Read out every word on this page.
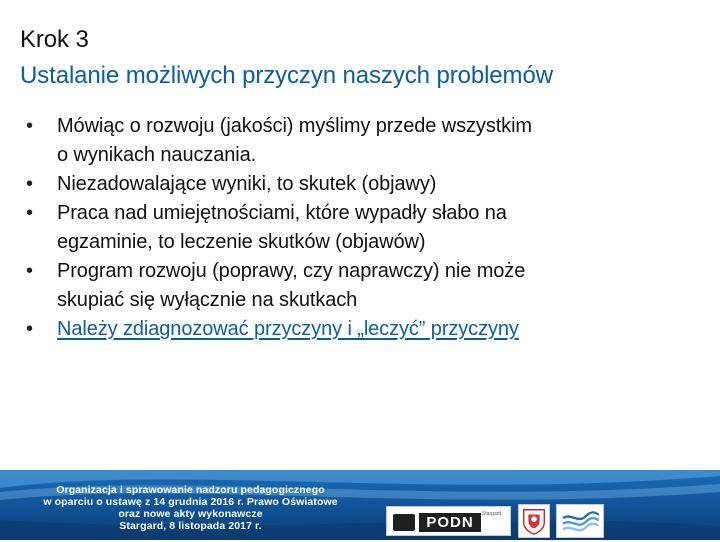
Krok 3
Ustalanie możliwych przyczyn naszych problemów
• Mówiąc o rozwoju (jakości) myślimy przede wszystkim
o wynikach nauczania.
• Niezadowalające wyniki, to skutek (objawy)
• Praca nad umiejętnościami, które wypadły słabo na
egzaminie, to leczenie skutków (objawów)
• Program rozwoju (poprawy, czy naprawczy) nie może
skupiać się wyłącznie na skutkach
• Należy zdiagnozować przyczyny i „leczyć” przyczyny
Organizacja i sprawowanie nadzoru pedagogicznego
w oparciu o ustawę z 14 grudnia 2016 r. Prawo Oświatowe
oraz nowe akty wykonawcze
Stargard, 8 listopada 2017 r.	PODN	Stargard
